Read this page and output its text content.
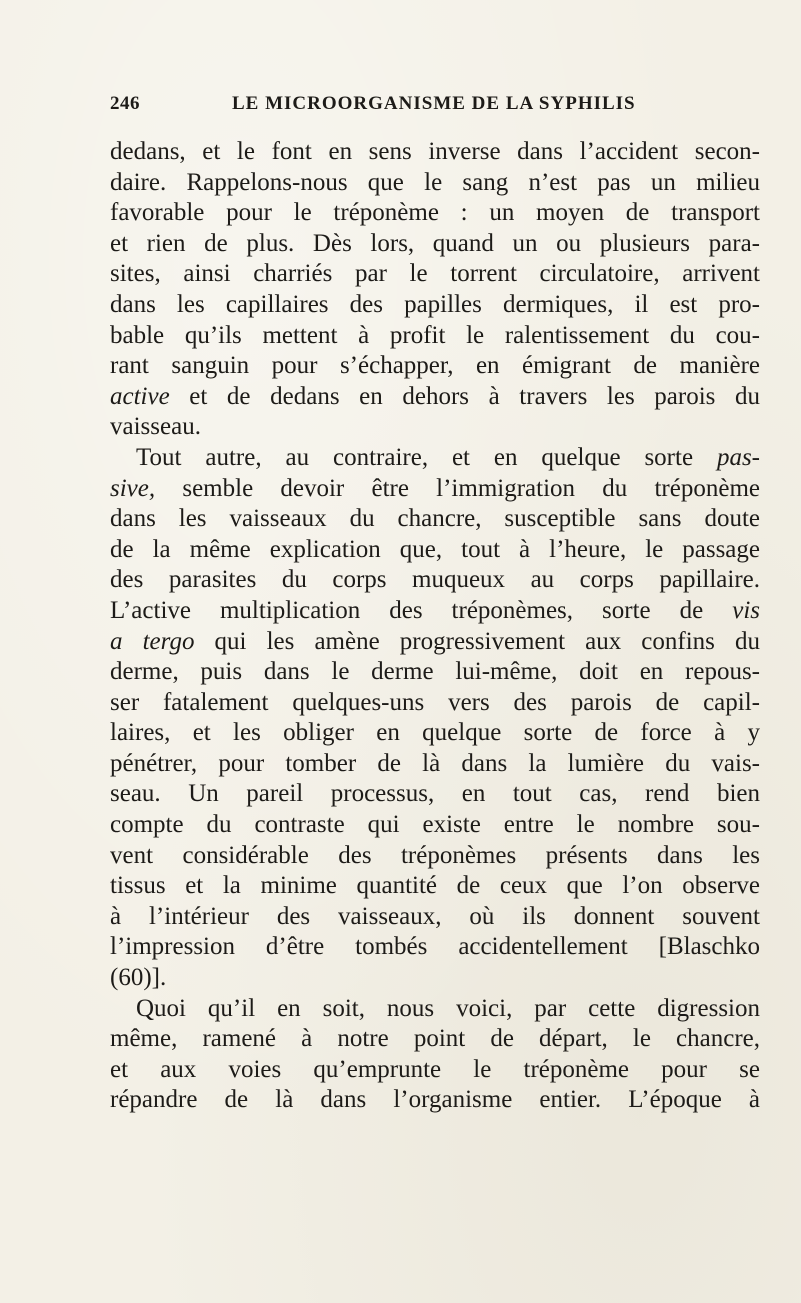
246	LE MICROORGANISME DE LA SYPHILIS
dedans, et le font en sens inverse dans l’accident secon-
daire. Rappelons-nous que le sang n’est pas un milieu
favorable pour le tréponème : un moyen de transport
et rien de plus. Dès lors, quand un ou plusieurs para-
sites, ainsi charriés par le torrent circulatoire, arrivent
dans les capillaires des papilles dermiques, il est pro-
bable qu’ils mettent à profit le ralentissement du cou-
rant sanguin pour s’échapper, en émigrant de manière
active et de dedans en dehors à travers les parois du
vaisseau.
Tout autre, au contraire, et en quelque sorte pas-
sive, semble devoir être l’immigration du tréponème
dans les vaisseaux du chancre, susceptible sans doute
de la même explication que, tout à l’heure, le passage
des parasites du corps muqueux au corps papillaire.
L’active multiplication des tréponèmes, sorte de vis
a tergo qui les amène progressivement aux confins du
derme, puis dans le derme lui-même, doit en repous-
ser fatalement quelques-uns vers des parois de capil-
laires, et les obliger en quelque sorte de force à y
pénétrer, pour tomber de là dans la lumière du vais-
seau. Un pareil processus, en tout cas, rend bien
compte du contraste qui existe entre le nombre sou-
vent considérable des tréponèmes présents dans les
tissus et la minime quantité de ceux que l’on observe
à l’intérieur des vaisseaux, où ils donnent souvent
l’impression d’être tombés accidentellement [Blaschko
(60)].
Quoi qu’il en soit, nous voici, par cette digression
même, ramené à notre point de départ, le chancre,
et aux voies qu’emprunte le tréponème pour se
répandre de là dans l’organisme entier. L’époque à
